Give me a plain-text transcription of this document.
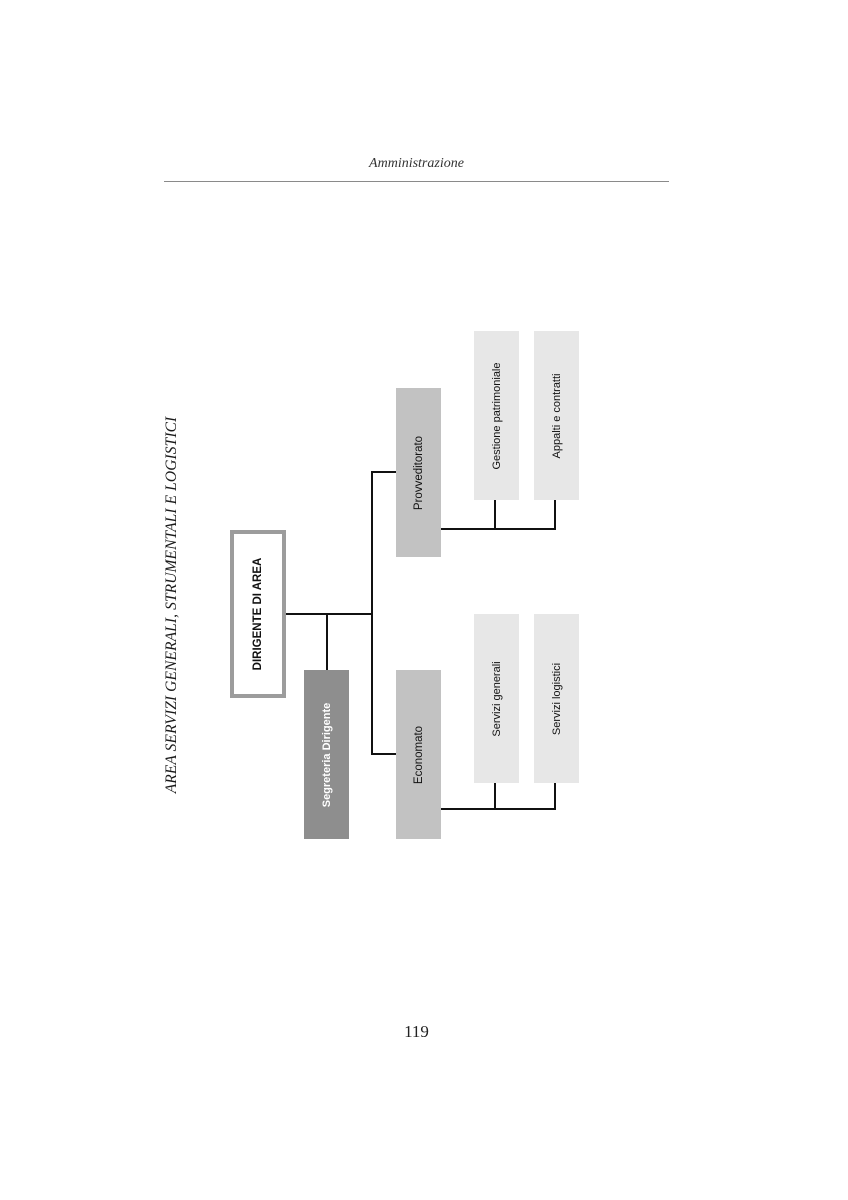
Amministrazione
AREA SERVIZI GENERALI, STRUMENTALI E LOGISTICI	DIRIGENTE DI AREA
Segreteria Dirigente
Provveditorato
Economato
Gestione patrimoniale	Appalti e contratti
Servizi generali	Servizi logistici
119
